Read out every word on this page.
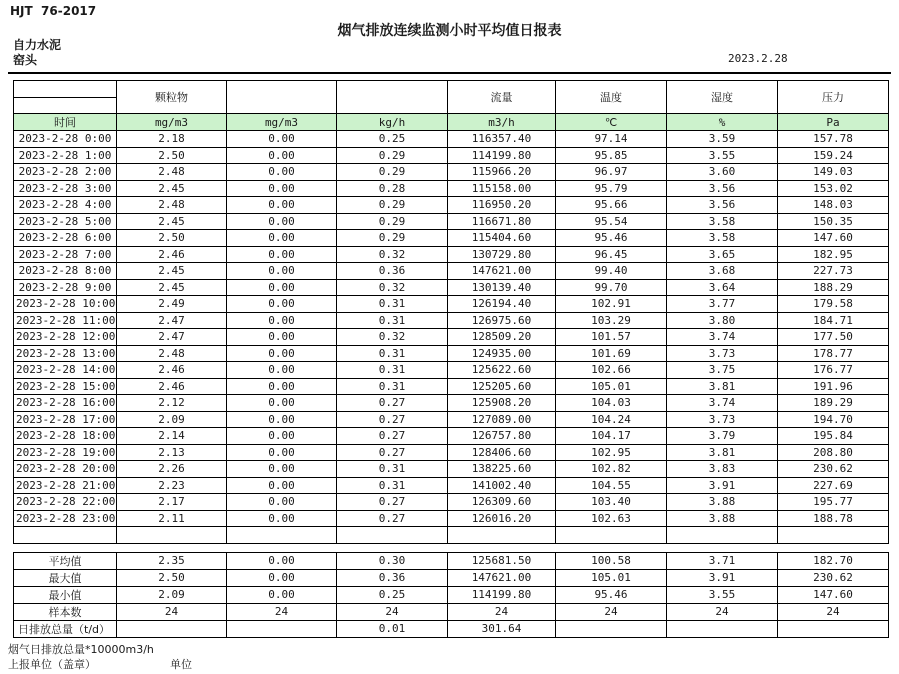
HJT  76-2017
烟气排放连续监测小时平均值日报表
自力水泥
窑头	2023.2.28
	颗粒物			流量	温度	湿度	压力

时间	mg/m3	mg/m3	kg/h	m3/h	℃	%	Pa
2023-2-28 0:00	2.18	0.00	0.25	116357.40	97.14	3.59	157.78
2023-2-28 1:00	2.50	0.00	0.29	114199.80	95.85	3.55	159.24
2023-2-28 2:00	2.48	0.00	0.29	115966.20	96.97	3.60	149.03
2023-2-28 3:00	2.45	0.00	0.28	115158.00	95.79	3.56	153.02
2023-2-28 4:00	2.48	0.00	0.29	116950.20	95.66	3.56	148.03
2023-2-28 5:00	2.45	0.00	0.29	116671.80	95.54	3.58	150.35
2023-2-28 6:00	2.50	0.00	0.29	115404.60	95.46	3.58	147.60
2023-2-28 7:00	2.46	0.00	0.32	130729.80	96.45	3.65	182.95
2023-2-28 8:00	2.45	0.00	0.36	147621.00	99.40	3.68	227.73
2023-2-28 9:00	2.45	0.00	0.32	130139.40	99.70	3.64	188.29
2023-2-28 10:00	2.49	0.00	0.31	126194.40	102.91	3.77	179.58
2023-2-28 11:00	2.47	0.00	0.31	126975.60	103.29	3.80	184.71
2023-2-28 12:00	2.47	0.00	0.32	128509.20	101.57	3.74	177.50
2023-2-28 13:00	2.48	0.00	0.31	124935.00	101.69	3.73	178.77
2023-2-28 14:00	2.46	0.00	0.31	125622.60	102.66	3.75	176.77
2023-2-28 15:00	2.46	0.00	0.31	125205.60	105.01	3.81	191.96
2023-2-28 16:00	2.12	0.00	0.27	125908.20	104.03	3.74	189.29
2023-2-28 17:00	2.09	0.00	0.27	127089.00	104.24	3.73	194.70
2023-2-28 18:00	2.14	0.00	0.27	126757.80	104.17	3.79	195.84
2023-2-28 19:00	2.13	0.00	0.27	128406.60	102.95	3.81	208.80
2023-2-28 20:00	2.26	0.00	0.31	138225.60	102.82	3.83	230.62
2023-2-28 21:00	2.23	0.00	0.31	141002.40	104.55	3.91	227.69
2023-2-28 22:00	2.17	0.00	0.27	126309.60	103.40	3.88	195.77
2023-2-28 23:00	2.11	0.00	0.27	126016.20	102.63	3.88	188.78

平均值	2.35	0.00	0.30	125681.50	100.58	3.71	182.70
最大值	2.50	0.00	0.36	147621.00	105.01	3.91	230.62
最小值	2.09	0.00	0.25	114199.80	95.46	3.55	147.60
样本数	24	24	24	24	24	24	24
日排放总量（t/d）			0.01	301.64			
烟气日排放总量*10000m3/h
上报单位（盖章）	单位
